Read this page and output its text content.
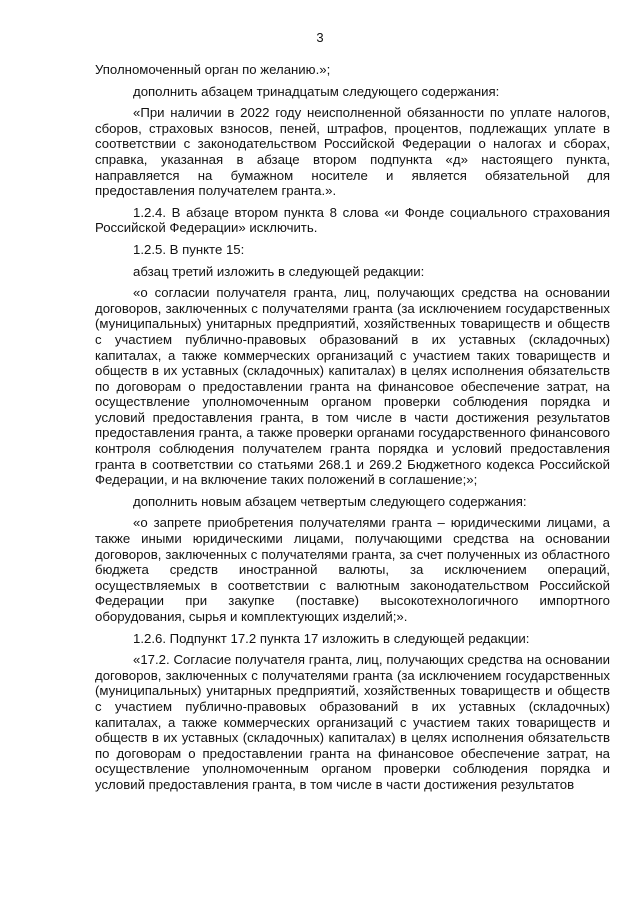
3

Уполномоченный орган по желанию.»;

дополнить абзацем тринадцатым следующего содержания:

«При наличии в 2022 году неисполненной обязанности по уплате налогов, сборов, страховых взносов, пеней, штрафов, процентов, подлежащих уплате в соответствии с законодательством Российской Федерации о налогах и сборах, справка, указанная в абзаце втором подпункта «д» настоящего пункта, направляется на бумажном носителе и является обязательной для предоставления получателем гранта.».

1.2.4. В абзаце втором пункта 8 слова «и Фонде социального страхования Российской Федерации» исключить.

1.2.5. В пункте 15:

абзац третий изложить в следующей редакции:

«о согласии получателя гранта, лиц, получающих средства на основании договоров, заключенных с получателями гранта (за исключением государственных (муниципальных) унитарных предприятий, хозяйственных товариществ и обществ с участием публично-правовых образований в их уставных (складочных) капиталах, а также коммерческих организаций с участием таких товариществ и обществ в их уставных (складочных) капиталах) в целях исполнения обязательств по договорам о предоставлении гранта на финансовое обеспечение затрат, на осуществление уполномоченным органом проверки соблюдения порядка и условий предоставления гранта, в том числе в части достижения результатов предоставления гранта, а также проверки органами государственного финансового контроля соблюдения получателем гранта порядка и условий предоставления гранта в соответствии со статьями 268.1 и 269.2 Бюджетного кодекса Российской Федерации, и на включение таких положений в соглашение;»;

дополнить новым абзацем четвертым следующего содержания:

«о запрете приобретения получателями гранта – юридическими лицами, а также иными юридическими лицами, получающими средства на основании договоров, заключенных с получателями гранта, за счет полученных из областного бюджета средств иностранной валюты, за исключением операций, осуществляемых в соответствии с валютным законодательством Российской Федерации при закупке (поставке) высокотехнологичного импортного оборудования, сырья и комплектующих изделий;».

1.2.6. Подпункт 17.2 пункта 17 изложить в следующей редакции:

«17.2. Согласие получателя гранта, лиц, получающих средства на основании договоров, заключенных с получателями гранта (за исключением государственных (муниципальных) унитарных предприятий, хозяйственных товариществ и обществ с участием публично-правовых образований в их уставных (складочных) капиталах, а также коммерческих организаций с участием таких товариществ и обществ в их уставных (складочных) капиталах) в целях исполнения обязательств по договорам о предоставлении гранта на финансовое обеспечение затрат, на осуществление уполномоченным органом проверки соблюдения порядка и условий предоставления гранта, в том числе в части достижения результатов
